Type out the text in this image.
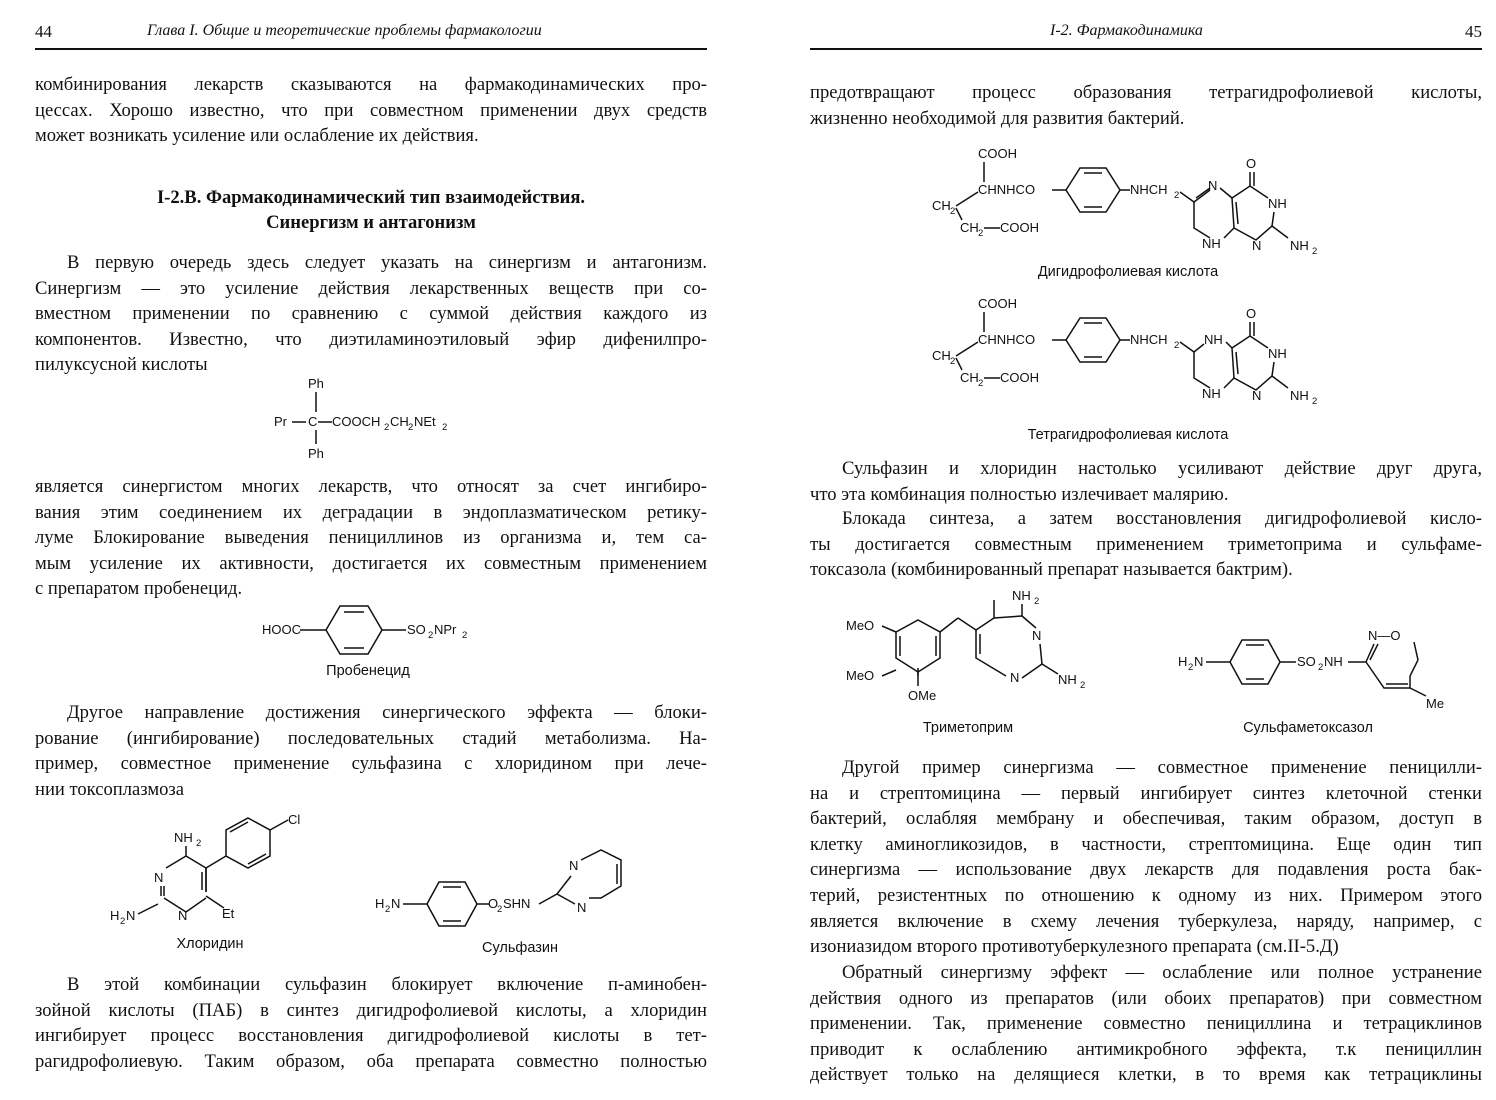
44	Глава I. Общие и теоретические проблемы фармакологии
комбинирования лекарств сказываются на фармакодинамических про-
цессах. Хорошо известно, что при совместном применении двух средств
может возникать усиление или ослабление их действия.
I-2.В. Фармакодинамический тип взаимодействия.
Синергизм и антагонизм
В первую очередь здесь следует указать на синергизм и антагонизм.
Синергизм — это усиление действия лекарственных веществ при со-
вместном применении по сравнению с суммой действия каждого из
компонентов. Известно, что диэтиламиноэтиловый эфир дифенилпро-
пилуксусной кислоты
Ph
Pr C COOCH 2 CH 2 NEt 2
Ph
является синергистом многих лекарств, что относят за счет ингибиро-
вания этим соединением их деградации в эндоплазматическом ретику-
луме Блокирование выведения пенициллинов из организма и, тем са-
мым усиление их активности, достигается их совместным применением
с препаратом пробенецид.
HOOC	SO 2 NPr 2
Пробенецид
Другое направление достижения синергического эффекта — блоки-
рование (ингибирование) последовательных стадий метаболизма. На-
пример, совместное применение сульфазина с хлоридином при лече-
нии токсоплазмоза
NH 2
N
N
H 2 N	Et
Cl
Хлоридин
H 2 N	O
2 SHN
N
N
Сульфазин
В этой комбинации сульфазин блокирует включение п-аминобен-
зойной кислоты (ПАБ) в синтез дигидрофолиевой кислоты, а хлоридин
ингибирует процесс восстановления дигидрофолиевой кислоты в тет-
рагидрофолиевую. Таким образом, оба препарата совместно полностью
I-2. Фармакодинамика	45
предотвращают процесс образования тетрагидрофолиевой кислоты,
жизненно необходимой для развития бактерий.
COOH
CHNHCO
CH 2
CH 2 COOH
NHCH 2
N
NH
O
NH
N NH 2
Дигидрофолиевая кислота
COOH
CHNHCO
CH 2
CH 2 COOH
NHCH 2 NH
NH
O
NH
N NH 2
Тетрагидрофолиевая кислота
Сульфазин и хлоридин настолько усиливают действие друг друга,
что эта комбинация полностью излечивает малярию.
Блокада синтеза, а затем восстановления дигидрофолиевой кисло-
ты достигается совместным применением триметоприма и сульфаме-
токсазола (комбинированный препарат называется бактрим).
MeO
MeO
OMe
NH 2
N
N	NH 2
Триметоприм
H 2 N	SO 2 NH
N—O
Me
Сульфаметоксазол
Другой пример синергизма — совместное применение пеницилли-
на и стрептомицина — первый ингибирует синтез клеточной стенки
бактерий, ослабляя мембрану и обеспечивая, таким образом, доступ в
клетку аминогликозидов, в частности, стрептомицина. Еще один тип
синергизма — использование двух лекарств для подавления роста бак-
терий, резистентных по отношению к одному из них. Примером этого
является включение в схему лечения туберкулеза, наряду, например, с
изониазидом второго противотуберкулезного препарата (см.II-5.Д)
Обратный синергизму эффект — ослабление или полное устранение
действия одного из препаратов (или обоих препаратов) при совместном
применении. Так, применение совместно пенициллина и тетрациклинов
приводит к ослаблению антимикробного эффекта, т.к пенициллин
действует только на делящиеся клетки, в то время как тетрациклины
